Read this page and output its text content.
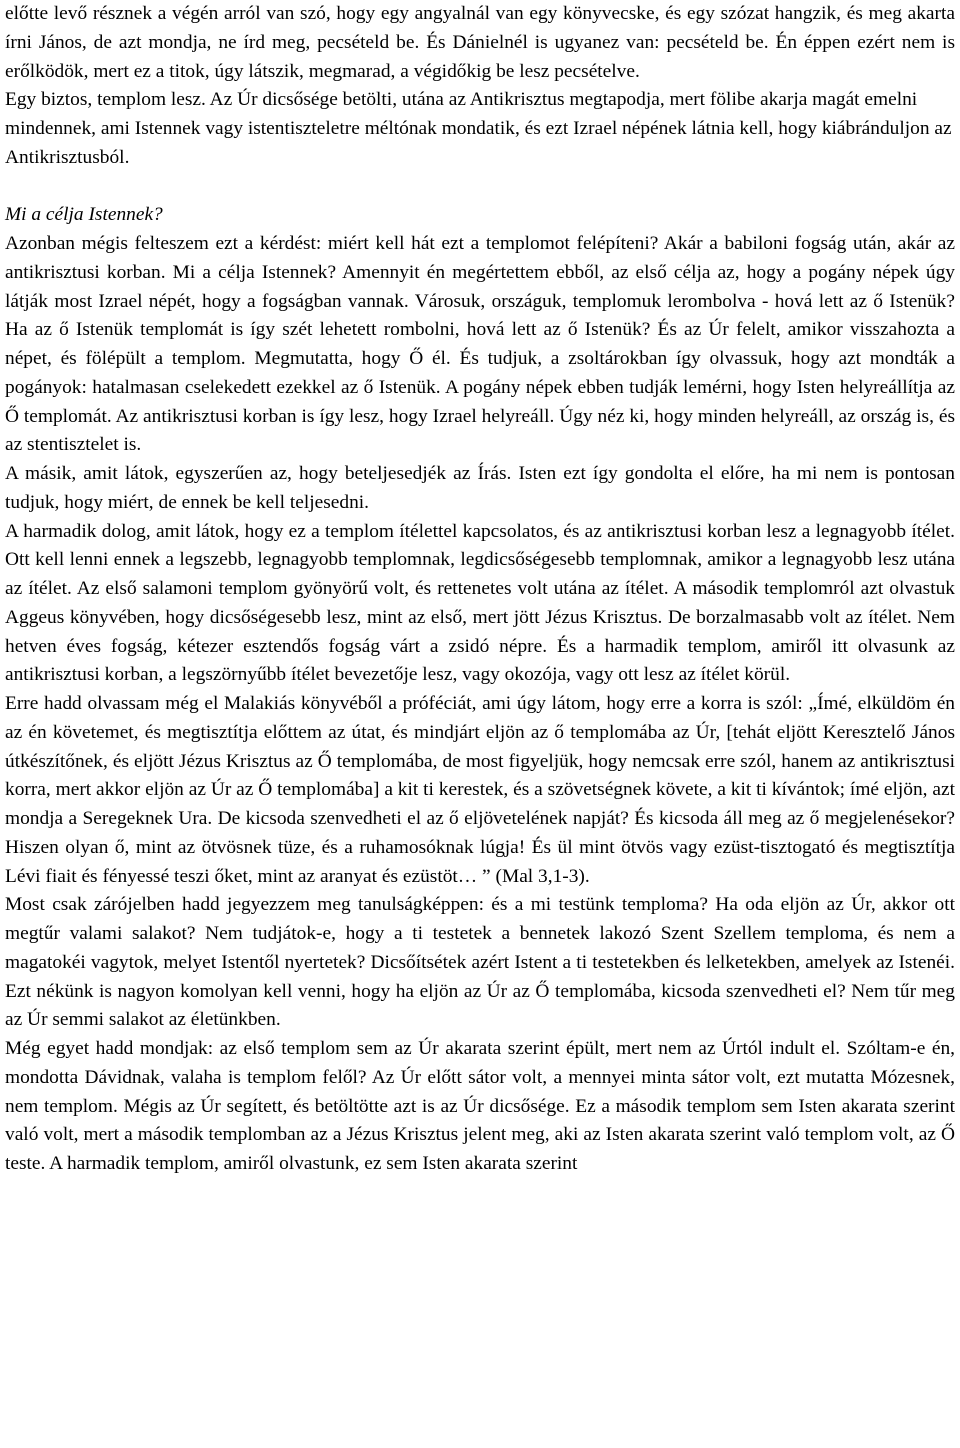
előtte levő résznek a végén arról van szó, hogy egy angyalnál van egy könyvecske, és egy szózat hangzik, és meg akarta írni János, de azt mondja, ne írd meg, pecsételd be. És Dánielnél is ugyanez van: pecsételd be. Én éppen ezért nem is erőlködök, mert ez a titok, úgy látszik, megmarad, a végidőkig be lesz pecsételve.

Egy biztos, templom lesz. Az Úr dicsősége betölti, utána az Antikrisztus megtapodja, mert fölibe akarja magát emelni mindennek, ami Istennek vagy istentiszteletre méltónak mondatik, és ezt Izrael népének látnia kell, hogy kiábránduljon az Antikrisztusból.

Mi a célja Istennek?

Azonban mégis felteszem ezt a kérdést: miért kell hát ezt a templomot felépíteni? Akár a babiloni fogság után, akár az antikrisztusi korban. Mi a célja Istennek? Amennyit én megértettem ebből, az első célja az, hogy a pogány népek úgy látják most Izrael népét, hogy a fogságban vannak. Városuk, országuk, templomuk lerombolva - hová lett az ő Istenük? Ha az ő Istenük templomát is így szét lehetett rombolni, hová lett az ő Istenük? És az Úr felelt, amikor visszahozta a népet, és fölépült a templom. Megmutatta, hogy Ő él. És tudjuk, a zsoltárokban így olvassuk, hogy azt mondták a pogányok: hatalmasan cselekedett ezekkel az ő Istenük. A pogány népek ebben tudják lemérni, hogy Isten helyreállítja az Ő templomát. Az antikrisztusi korban is így lesz, hogy Izrael helyreáll. Úgy néz ki, hogy minden helyreáll, az ország is, és az stentisztelet is.

A másik, amit látok, egyszerűen az, hogy beteljesedjék az Írás. Isten ezt így gondolta el előre, ha mi nem is pontosan tudjuk, hogy miért, de ennek be kell teljesedni.

A harmadik dolog, amit látok, hogy ez a templom ítélettel kapcsolatos, és az antikrisztusi korban lesz a legnagyobb ítélet. Ott kell lenni ennek a legszebb, legnagyobb templomnak, legdicsőségesebb templomnak, amikor a legnagyobb lesz utána az ítélet. Az első salamoni templom gyönyörű volt, és rettenetes volt utána az ítélet. A második templomról azt olvastuk Aggeus könyvében, hogy dicsőségesebb lesz, mint az első, mert jött Jézus Krisztus. De borzalmasabb volt az ítélet. Nem hetven éves fogság, kétezer esztendős fogság várt a zsidó népre. És a harmadik templom, amiről itt olvasunk az antikrisztusi korban, a legszörnyűbb ítélet bevezetője lesz, vagy okozója, vagy ott lesz az ítélet körül.

Erre hadd olvassam még el Malakiás könyvéből a próféciát, ami úgy látom, hogy erre a korra is szól: „Ímé, elküldöm én az én követemet, és megtisztítja előttem az útat, és mindjárt eljön az ő templomába az Úr, [tehát eljött Keresztelő János útkészítőnek, és eljött Jézus Krisztus az Ő templomába, de most figyeljük, hogy nemcsak erre szól, hanem az antikrisztusi korra, mert akkor eljön az Úr az Ő templomába] a kit ti kerestek, és a szövetségnek követe, a kit ti kívántok; ímé eljön, azt mondja a Seregeknek Ura. De kicsoda szenvedheti el az ő eljövetelének napját? És kicsoda áll meg az ő megjelenésekor? Hiszen olyan ő, mint az ötvösnek tüze, és a ruhamosóknak lúgja! És ül mint ötvös vagy ezüst-tisztogató és megtisztítja Lévi fiait és fényessé teszi őket, mint az aranyat és ezüstöt… ” (Mal 3,1-3).

Most csak zárójelben hadd jegyezzem meg tanulságképpen: és a mi testünk temploma? Ha oda eljön az Úr, akkor ott megtűr valami salakot? Nem tudjátok-e, hogy a ti testetek a bennetek lakozó Szent Szellem temploma, és nem a magatokéi vagytok, melyet Istentől nyertetek? Dicsőítsétek azért Istent a ti testetekben és lelketekben, amelyek az Istenéi. Ezt nékünk is nagyon komolyan kell venni, hogy ha eljön az Úr az Ő templomába, kicsoda szenvedheti el? Nem tűr meg az Úr semmi salakot az életünkben.

Még egyet hadd mondjak: az első templom sem az Úr akarata szerint épült, mert nem az Úrtól indult el. Szóltam-e én, mondotta Dávidnak, valaha is templom felől? Az Úr előtt sátor volt, a mennyei minta sátor volt, ezt mutatta Mózesnek, nem templom. Mégis az Úr segített, és betöltötte azt is az Úr dicsősége. Ez a második templom sem Isten akarata szerint való volt, mert a második templomban az a Jézus Krisztus jelent meg, aki az Isten akarata szerint való templom volt, az Ő teste. A harmadik templom, amiről olvastunk, ez sem Isten akarata szerint
